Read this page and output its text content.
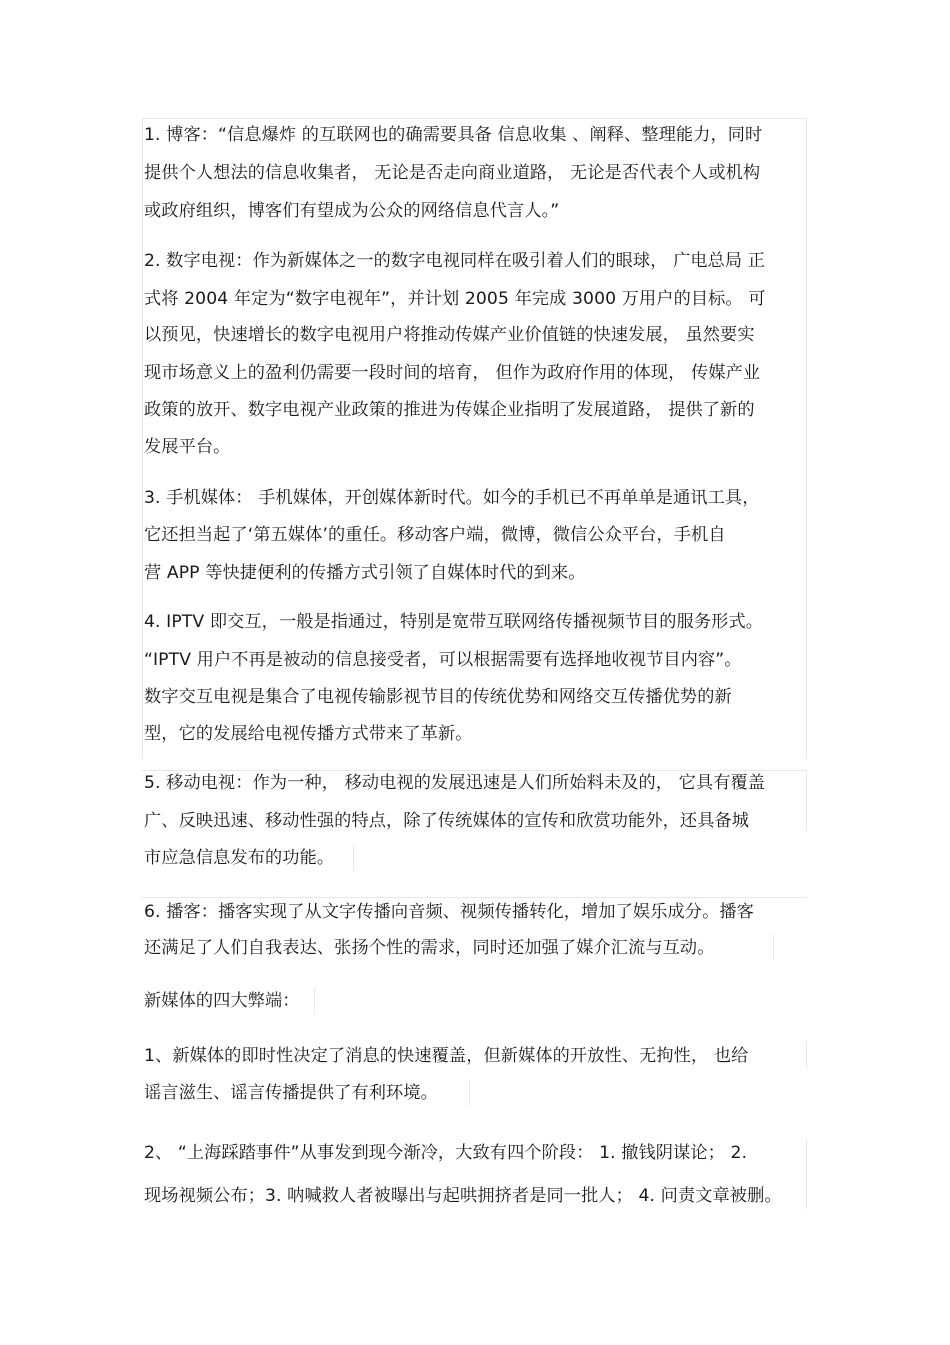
1. 博客：“信息爆炸 的互联网也的确需要具备 信息收集 、阐释、整理能力，同时
提供个人想法的信息收集者， 无论是否走向商业道路， 无论是否代表个人或机构
或政府组织，博客们有望成为公众的网络信息代言人。”
2. 数字电视：作为新媒体之一的数字电视同样在吸引着人们的眼球， 广电总局 正
式将 2004 年定为“数字电视年”，并计划 2005 年完成 3000 万用户的目标。 可
以预见，快速增长的数字电视用户将推动传媒产业价值链的快速发展， 虽然要实
现市场意义上的盈利仍需要一段时间的培育， 但作为政府作用的体现， 传媒产业
政策的放开、数字电视产业政策的推进为传媒企业指明了发展道路， 提供了新的
发展平台。
3. 手机媒体： 手机媒体，开创媒体新时代。如今的手机已不再单单是通讯工具，
它还担当起了‘第五媒体’的重任。移动客户端，微博，微信公众平台，手机自
营 APP 等快捷便利的传播方式引领了自媒体时代的到来。
4. IPTV 即交互，一般是指通过，特别是宽带互联网络传播视频节目的服务形式。
“IPTV 用户不再是被动的信息接受者，可以根据需要有选择地收视节目内容”。
数字交互电视是集合了电视传输影视节目的传统优势和网络交互传播优势的新
型，它的发展给电视传播方式带来了革新。
5. 移动电视：作为一种， 移动电视的发展迅速是人们所始料未及的， 它具有覆盖
广、反映迅速、移动性强的特点，除了传统媒体的宣传和欣赏功能外，还具备城
市应急信息发布的功能。
6. 播客：播客实现了从文字传播向音频、视频传播转化，增加了娱乐成分。播客
还满足了人们自我表达、张扬个性的需求，同时还加强了媒介汇流与互动。
新媒体的四大弊端：
1、新媒体的即时性决定了消息的快速覆盖，但新媒体的开放性、无拘性， 也给
谣言滋生、谣言传播提供了有利环境。
2、 “上海踩踏事件”从事发到现今渐冷，大致有四个阶段： 1. 撤钱阴谋论； 2.
现场视频公布；3. 呐喊救人者被曝出与起哄拥挤者是同一批人； 4. 问责文章被删。
